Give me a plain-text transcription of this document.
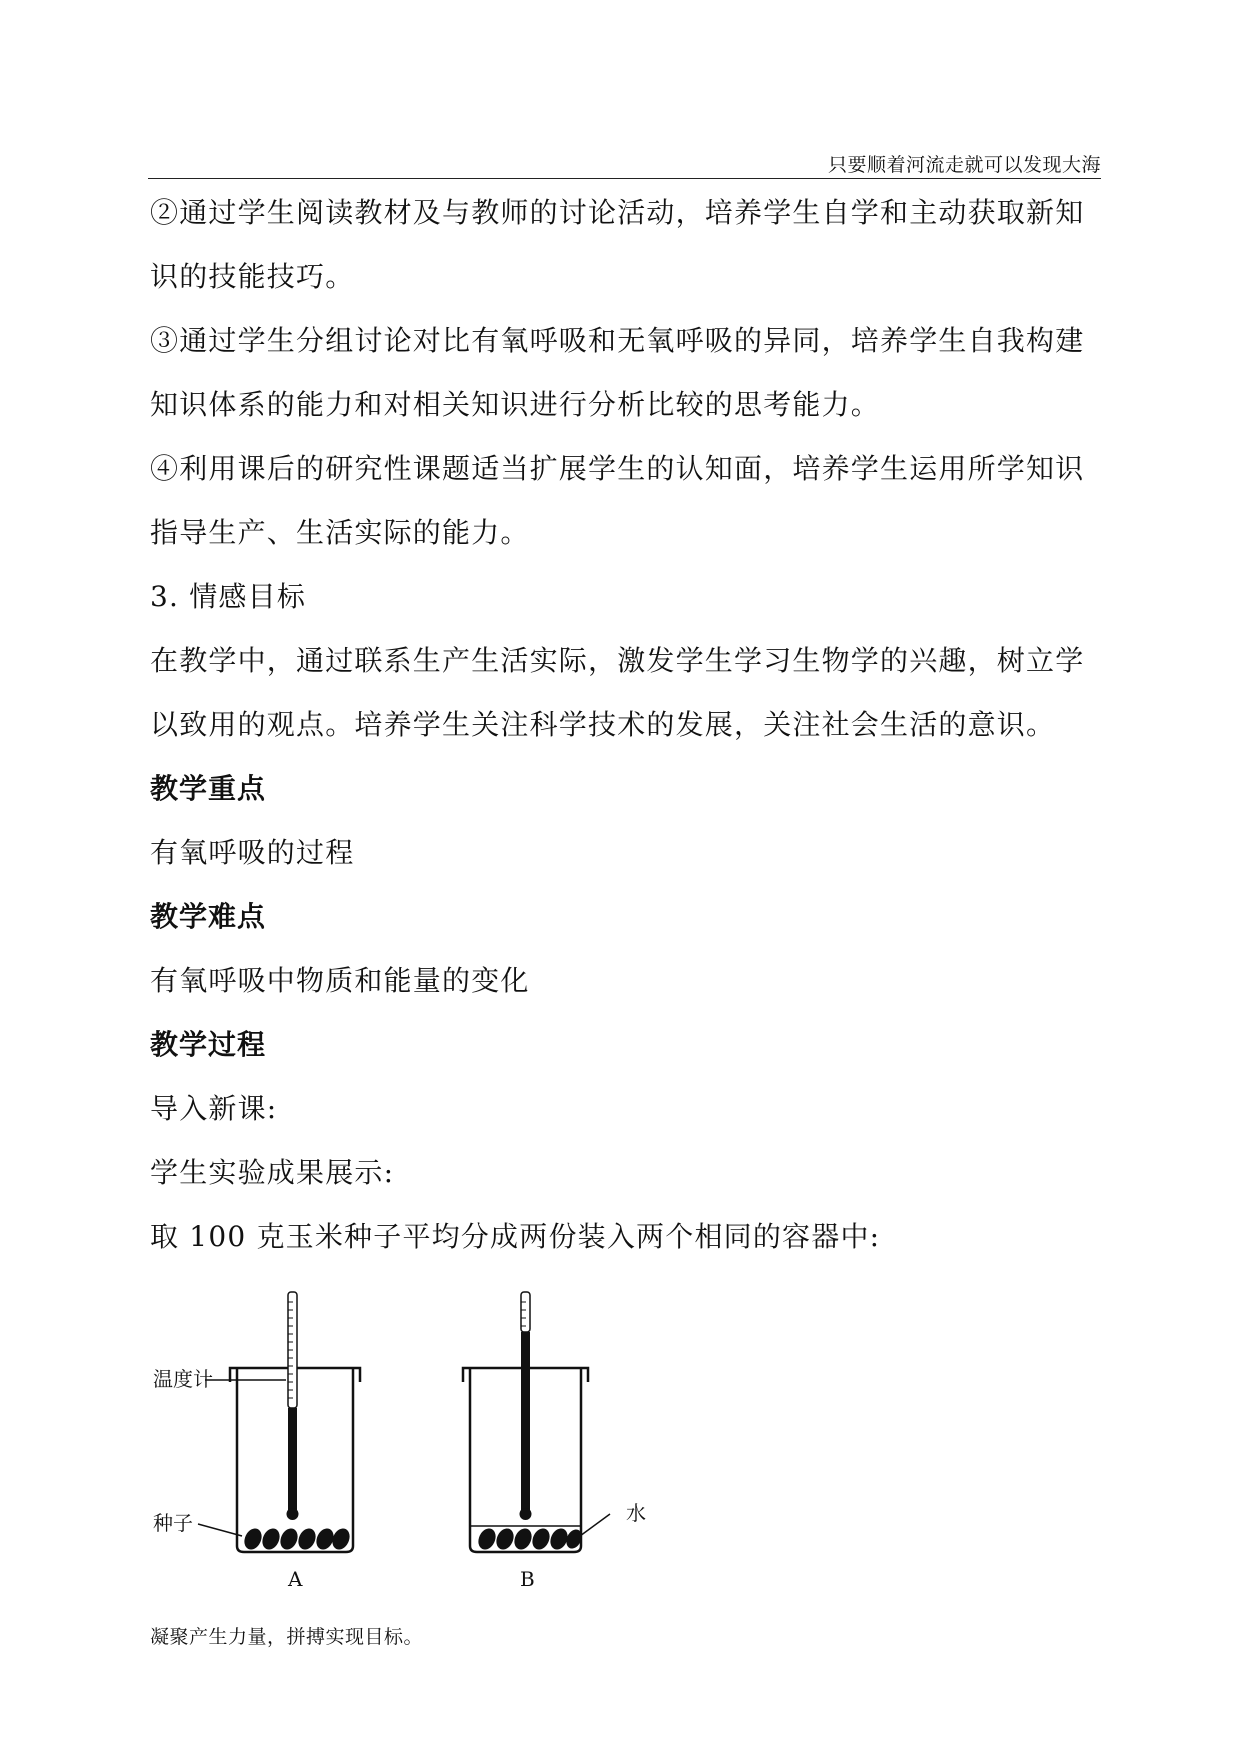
只要顺着河流走就可以发现大海
②通过学生阅读教材及与教师的讨论活动，培养学生自学和主动获取新知
识的技能技巧。
③通过学生分组讨论对比有氧呼吸和无氧呼吸的异同，培养学生自我构建
知识体系的能力和对相关知识进行分析比较的思考能力。
④利用课后的研究性课题适当扩展学生的认知面，培养学生运用所学知识
指导生产、生活实际的能力。
3. 情感目标
在教学中，通过联系生产生活实际，激发学生学习生物学的兴趣，树立学
以致用的观点。培养学生关注科学技术的发展，关注社会生活的意识。
教学重点
有氧呼吸的过程
教学难点
有氧呼吸中物质和能量的变化
教学过程
导入新课:
学生实验成果展示:
取 100 克玉米种子平均分成两份装入两个相同的容器中:
温度计
种子	水
A	B
凝聚产生力量，拼搏实现目标。
